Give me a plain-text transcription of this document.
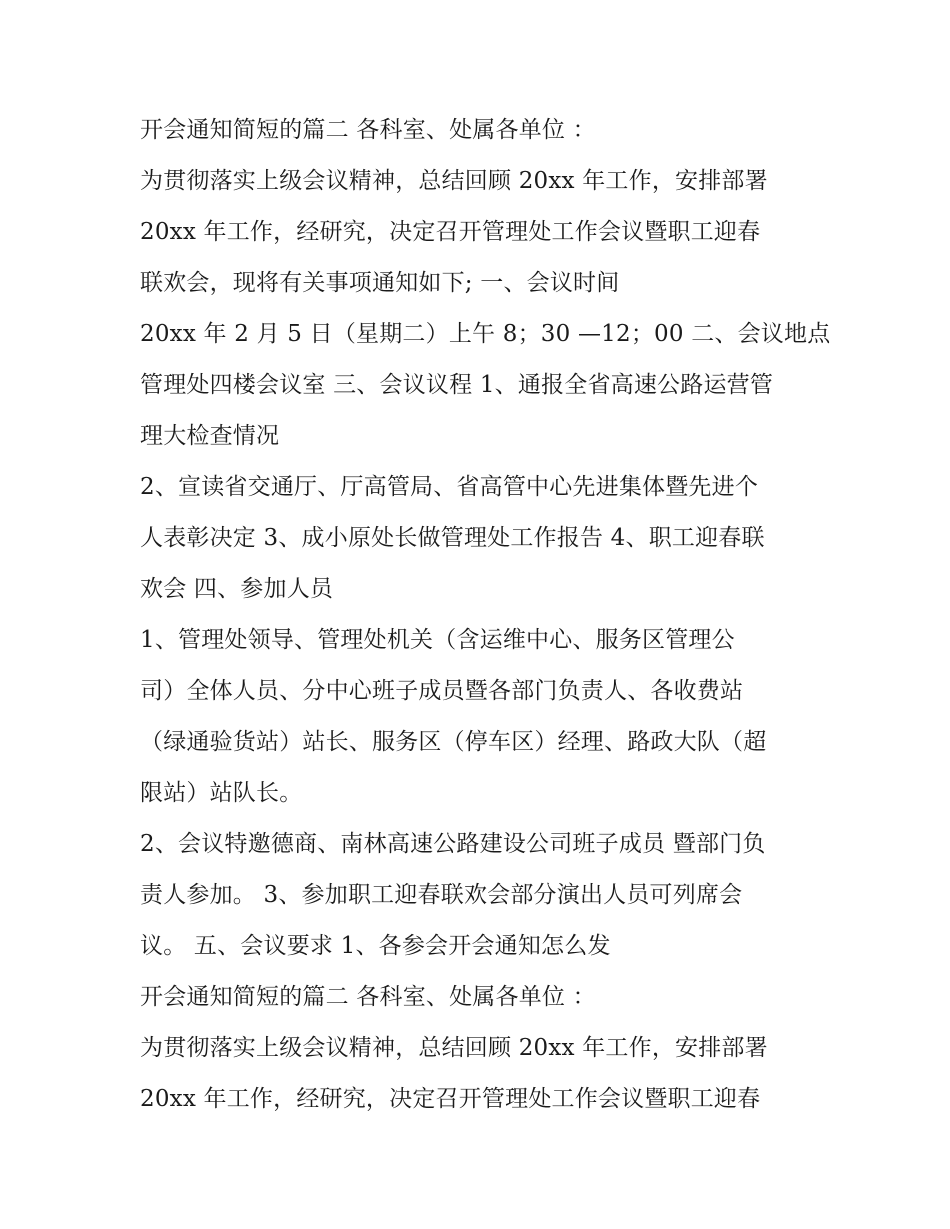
开会通知简短的篇二 各科室、处属各单位 ：
为贯彻落实上级会议精神，总结回顾 20xx 年工作，安排部署
20xx 年工作，经研究，决定召开管理处工作会议暨职工迎春
联欢会，现将有关事项通知如下; 一、会议时间
20xx 年 2 月 5 日（星期二）上午 8；30 —12；00 二、会议地点
管理处四楼会议室 三、会议议程 1、通报全省高速公路运营管
理大检查情况
2、宣读省交通厅、厅高管局、省高管中心先进集体暨先进个
人表彰决定 3、成小原处长做管理处工作报告 4、职工迎春联
欢会 四、参加人员
1、管理处领导、管理处机关（含运维中心、服务区管理公
司）全体人员、分中心班子成员暨各部门负责人、各收费站
（绿通验货站）站长、服务区（停车区）经理、路政大队（超
限站）站队长。
2、会议特邀德商、南林高速公路建设公司班子成员 暨部门负
责人参加。 3、参加职工迎春联欢会部分演出人员可列席会
议。 五、会议要求 1、各参会开会通知怎么发
开会通知简短的篇二 各科室、处属各单位 ：
为贯彻落实上级会议精神，总结回顾 20xx 年工作，安排部署
20xx 年工作，经研究，决定召开管理处工作会议暨职工迎春
